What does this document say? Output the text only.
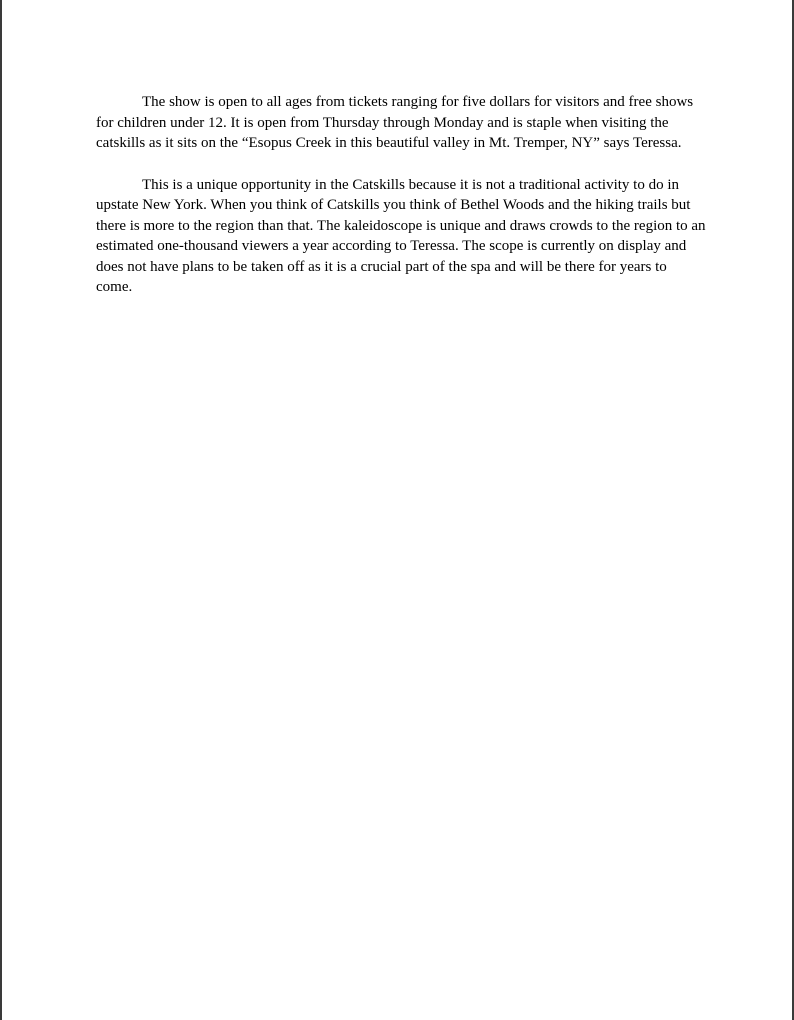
The show is open to all ages from tickets ranging for five dollars for visitors and free shows for children under 12. It is open from Thursday through Monday and is staple when visiting the catskills as it sits on the “Esopus Creek in this beautiful valley in Mt. Tremper, NY” says Teressa.

This is a unique opportunity in the Catskills because it is not a traditional activity to do in upstate New York. When you think of Catskills you think of Bethel Woods and the hiking trails but there is more to the region than that. The kaleidoscope is unique and draws crowds to the region to an estimated one-thousand viewers a year according to Teressa. The scope is currently on display and does not have plans to be taken off as it is a crucial part of the spa and will be there for years to come.
